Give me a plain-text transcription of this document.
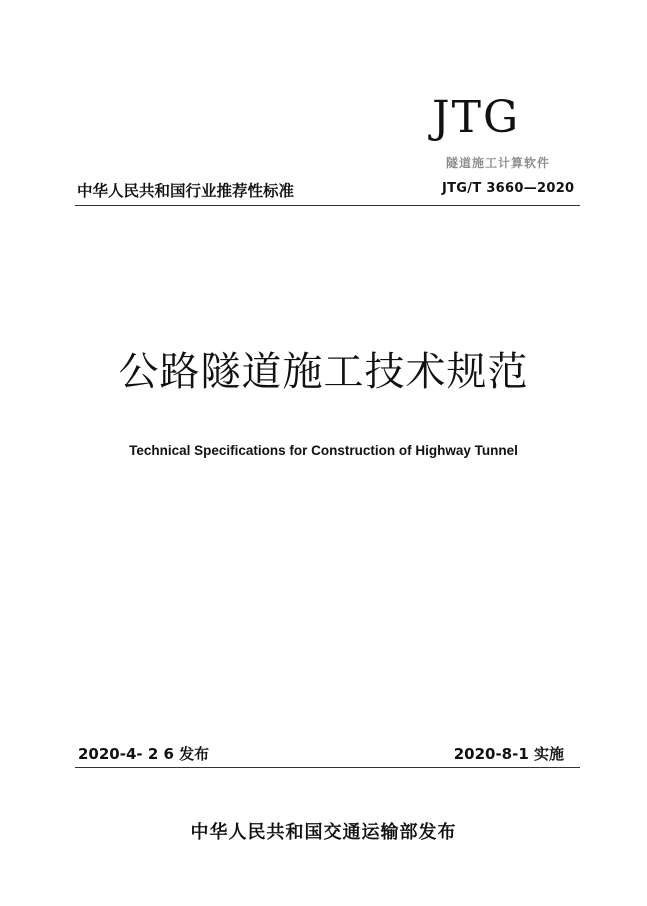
JTG
隧道施工计算软件
中华人民共和国行业推荐性标准	JTG/T 3660—2020
公路隧道施工技术规范
Technical Specifications for Construction of Highway Tunnel
2020-4- 2 6 发布	2020-8-1 实施
中华人民共和国交通运输部发布
